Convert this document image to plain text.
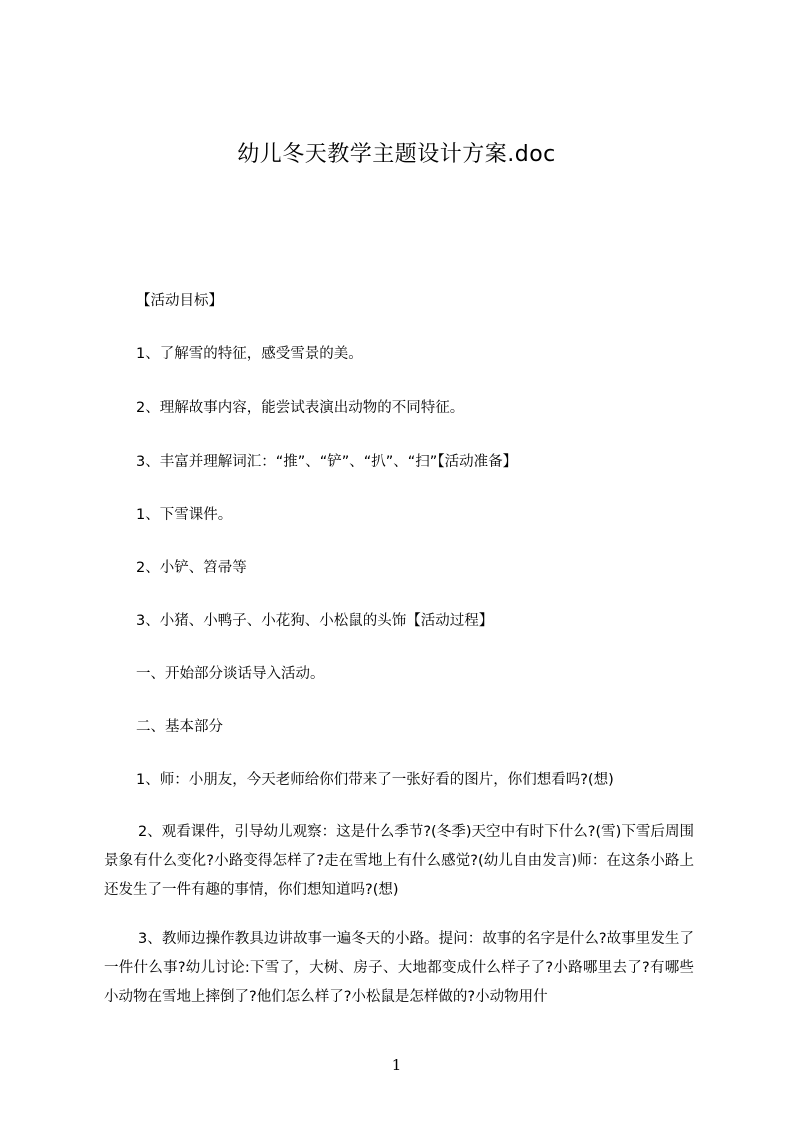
幼儿冬天教学主题设计方案.doc
【活动目标】
1、了解雪的特征，感受雪景的美。
2、理解故事内容，能尝试表演出动物的不同特征。
3、丰富并理解词汇：“推”、“铲”、“扒”、“扫”【活动准备】
1、下雪课件。
2、小铲、笤帚等
3、小猪、小鸭子、小花狗、小松鼠的头饰【活动过程】
一、开始部分谈话导入活动。
二、基本部分
1、师：小朋友，今天老师给你们带来了一张好看的图片，你们想看吗?(想)
2、观看课件，引导幼儿观察：这是什么季节?(冬季)天空中有时下什么?(雪)下雪后周围景象有什么变化?小路变得怎样了?走在雪地上有什么感觉?(幼儿自由发言)师：在这条小路上还发生了一件有趣的事情，你们想知道吗?(想)
3、教师边操作教具边讲故事一遍冬天的小路。提问：故事的名字是什么?故事里发生了一件什么事?幼儿讨论:下雪了，大树、房子、大地都变成什么样子了?小路哪里去了?有哪些小动物在雪地上摔倒了?他们怎么样了?小松鼠是怎样做的?小动物用什
1
